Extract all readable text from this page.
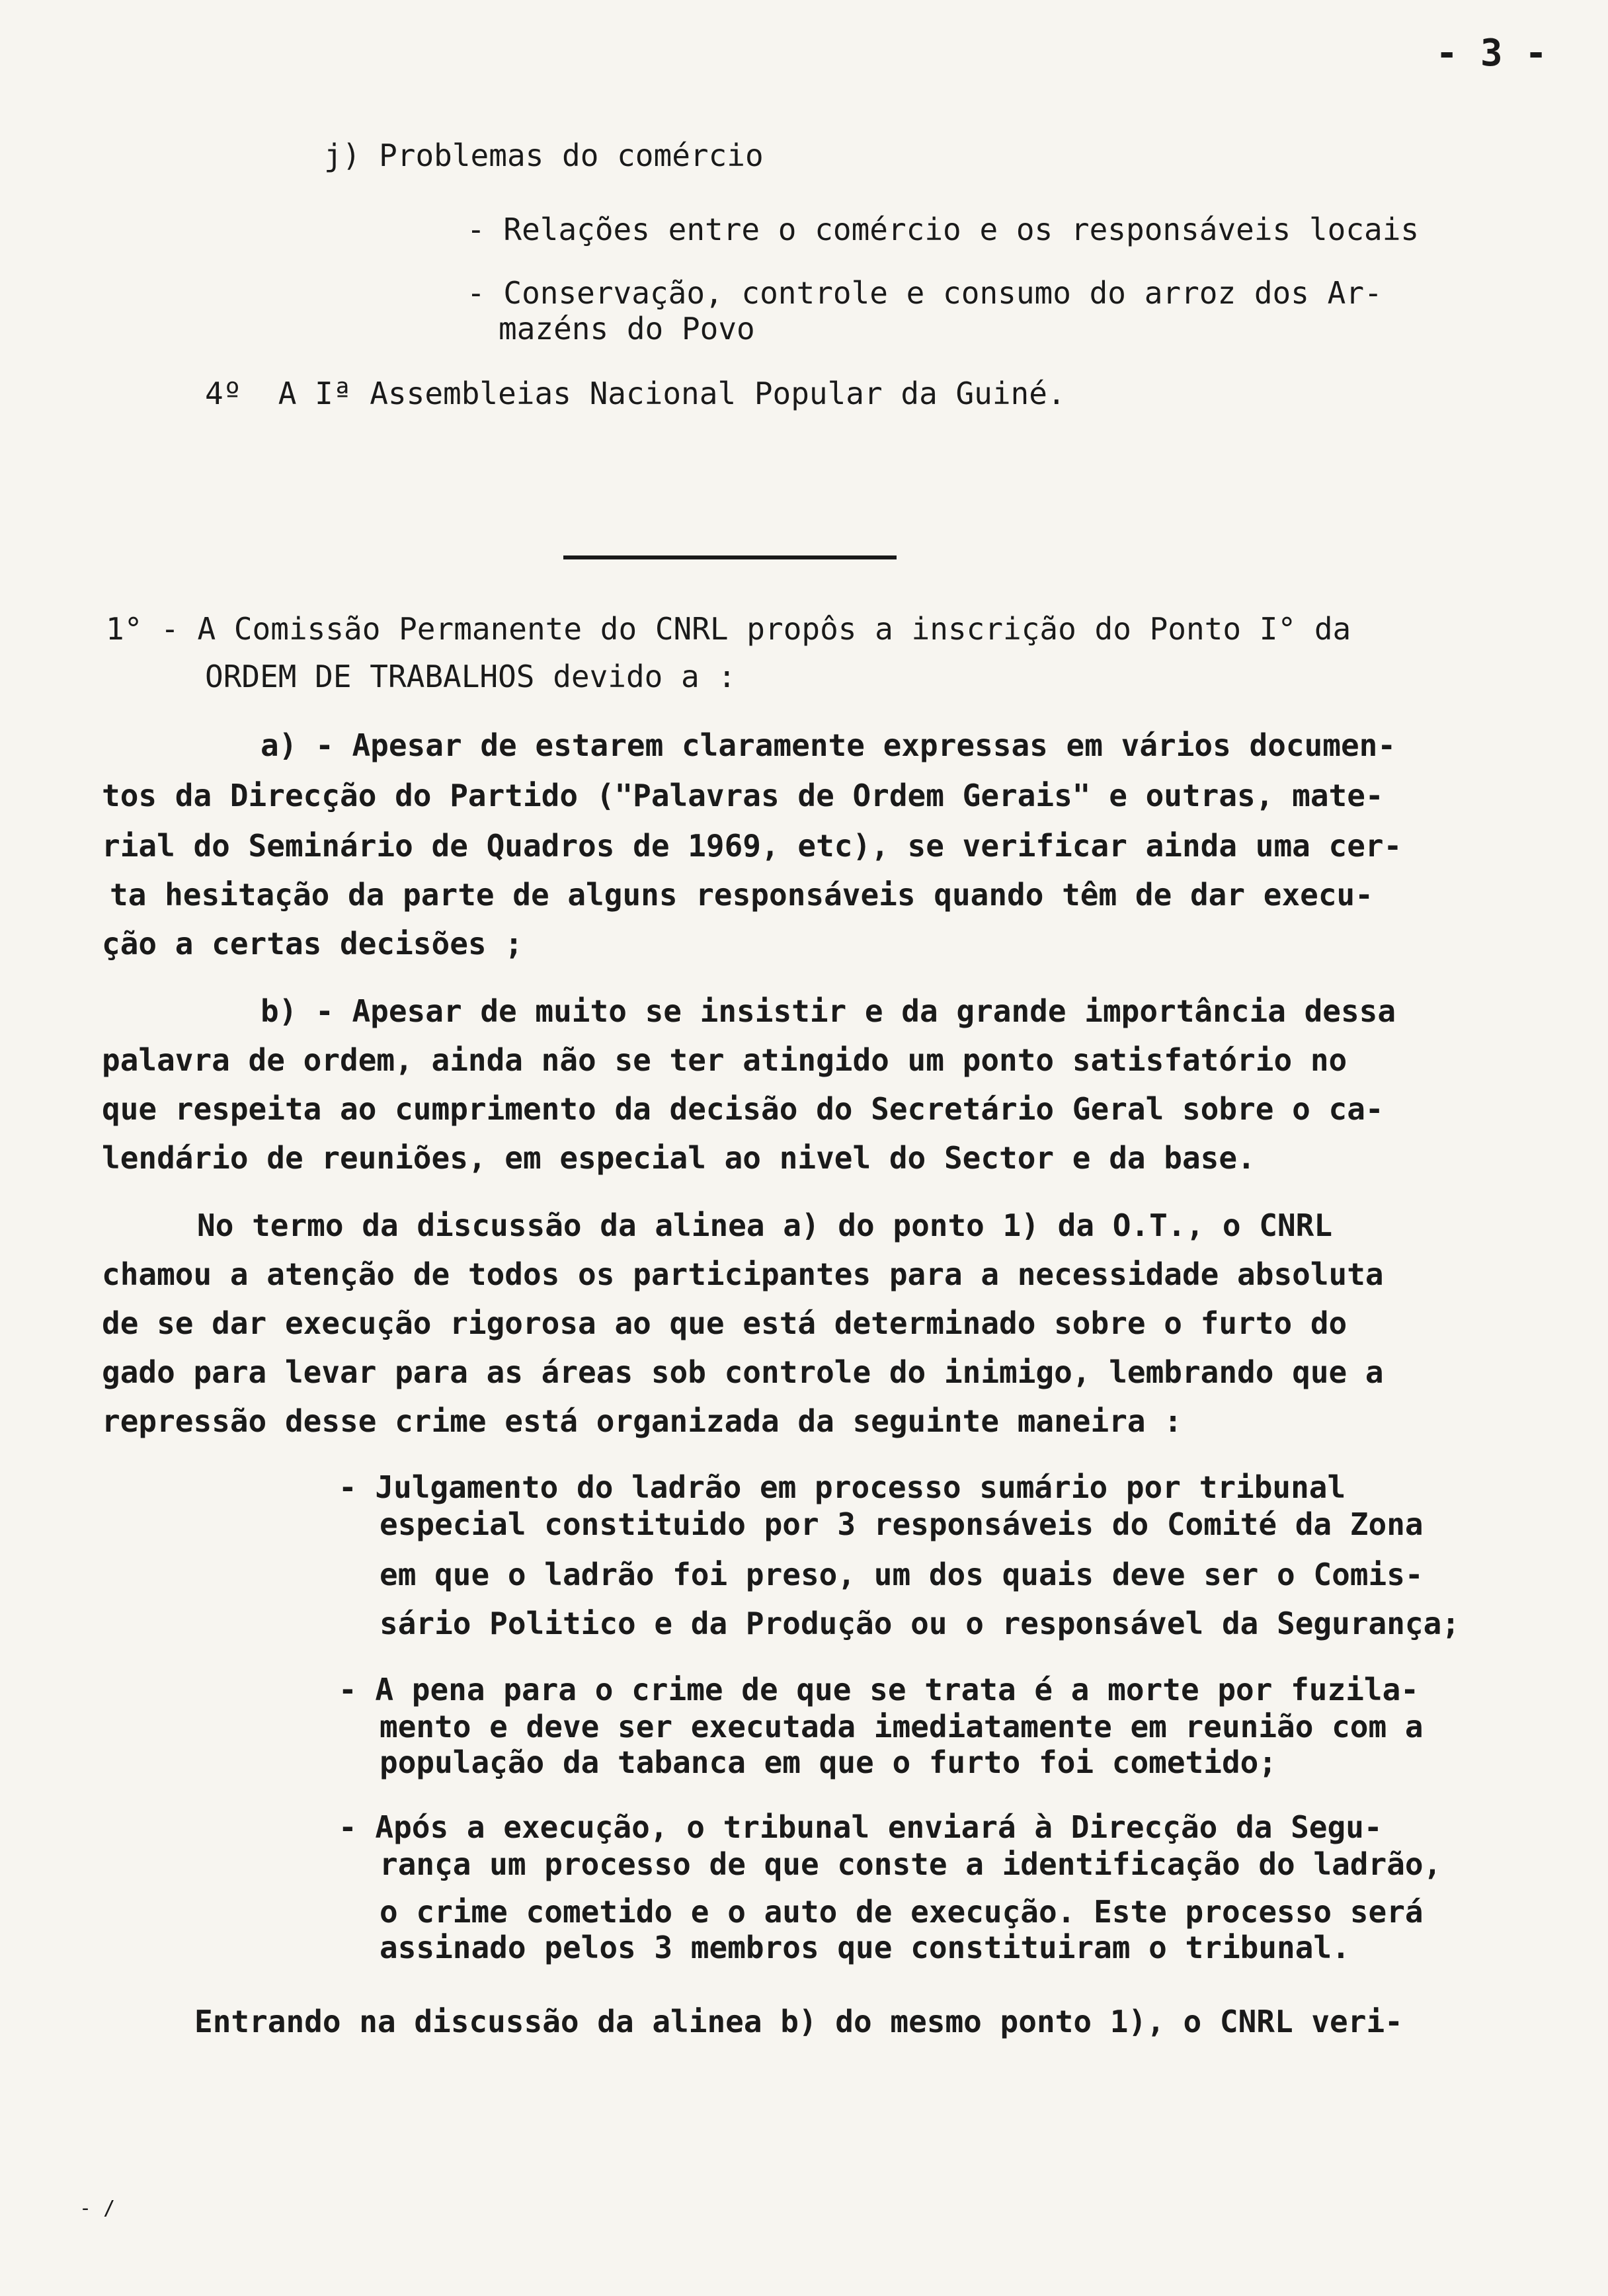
- 3 -
j) Problemas do comércio
- Relações entre o comércio e os responsáveis locais
- Conservação, controle e consumo do arroz dos Ar-
mazéns do Povo
4º  A Iª Assembleias Nacional Popular da Guiné.
1° - A Comissão Permanente do CNRL propôs a inscrição do Ponto I° da
ORDEM DE TRABALHOS devido a :
a) - Apesar de estarem claramente expressas em vários documen-
tos da Direcção do Partido ("Palavras de Ordem Gerais" e outras, mate-
rial do Seminário de Quadros de 1969, etc), se verificar ainda uma cer-
ta hesitação da parte de alguns responsáveis quando têm de dar execu-
ção a certas decisões ;
b) - Apesar de muito se insistir e da grande importância dessa
palavra de ordem, ainda não se ter atingido um ponto satisfatório no
que respeita ao cumprimento da decisão do Secretário Geral sobre o ca-
lendário de reuniões, em especial ao nivel do Sector e da base.
No termo da discussão da alinea a) do ponto 1) da O.T., o CNRL
chamou a atenção de todos os participantes para a necessidade absoluta
de se dar execução rigorosa ao que está determinado sobre o furto do
gado para levar para as áreas sob controle do inimigo, lembrando que a
repressão desse crime está organizada da seguinte maneira :
- Julgamento do ladrão em processo sumário por tribunal
especial constituido por 3 responsáveis do Comité da Zona
em que o ladrão foi preso, um dos quais deve ser o Comis-
sário Politico e da Produção ou o responsável da Segurança;
- A pena para o crime de que se trata é a morte por fuzila-
mento e deve ser executada imediatamente em reunião com a
população da tabanca em que o furto foi cometido;
- Após a execução, o tribunal enviará à Direcção da Segu-
rança um processo de que conste a identificação do ladrão,
o crime cometido e o auto de execução. Este processo será
assinado pelos 3 membros que constituiram o tribunal.
Entrando na discussão da alinea b) do mesmo ponto 1), o CNRL veri-
- /
